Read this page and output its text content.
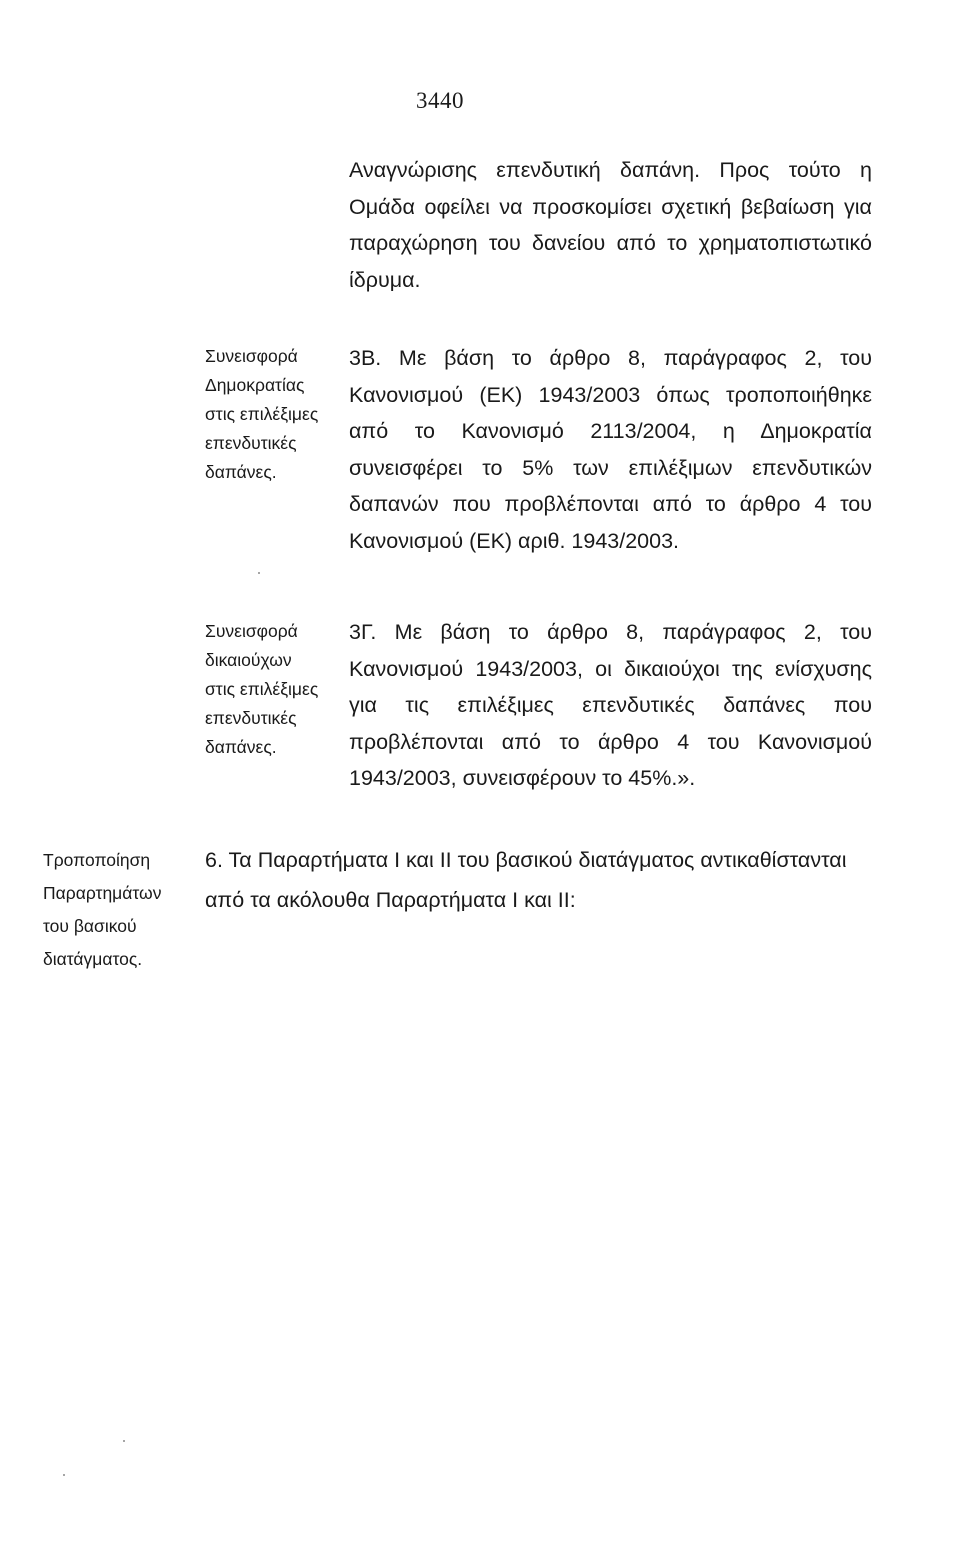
3440
Αναγνώρισης επενδυτική δαπάνη. Προς τούτο η
Ομάδα οφείλει να προσκομίσει σχετική βεβαίωση για
παραχώρηση του δανείου από το χρηματοπιστωτικό
ίδρυμα.
Συνεισφορά
Δημοκρατίας
στις επιλέξιμες
επενδυτικές
δαπάνες.
3Β. Με βάση το άρθρο 8, παράγραφος 2, του
Κανονισμού (ΕΚ) 1943/2003 όπως τροποποιήθηκε
από το Κανονισμό 2113/2004, η Δημοκρατία
συνεισφέρει το 5% των επιλέξιμων επενδυτικών
δαπανών που προβλέπονται από το άρθρο 4 του
Κανονισμού (ΕΚ) αριθ. 1943/2003.
Συνεισφορά
δικαιούχων
στις επιλέξιμες
επενδυτικές
δαπάνες.
3Γ. Με βάση το άρθρο 8, παράγραφος 2, του
Κανονισμού 1943/2003, οι δικαιούχοι της ενίσχυσης
για τις επιλέξιμες επενδυτικές δαπάνες που
προβλέπονται από το άρθρο 4 του Κανονισμού
1943/2003, συνεισφέρουν το 45%.».
Τροποποίηση
Παραρτημάτων
του βασικού
διατάγματος.
6. Τα Παραρτήματα I και II του βασικού διατάγματος αντικαθίστανται
από τα ακόλουθα Παραρτήματα I και II:
